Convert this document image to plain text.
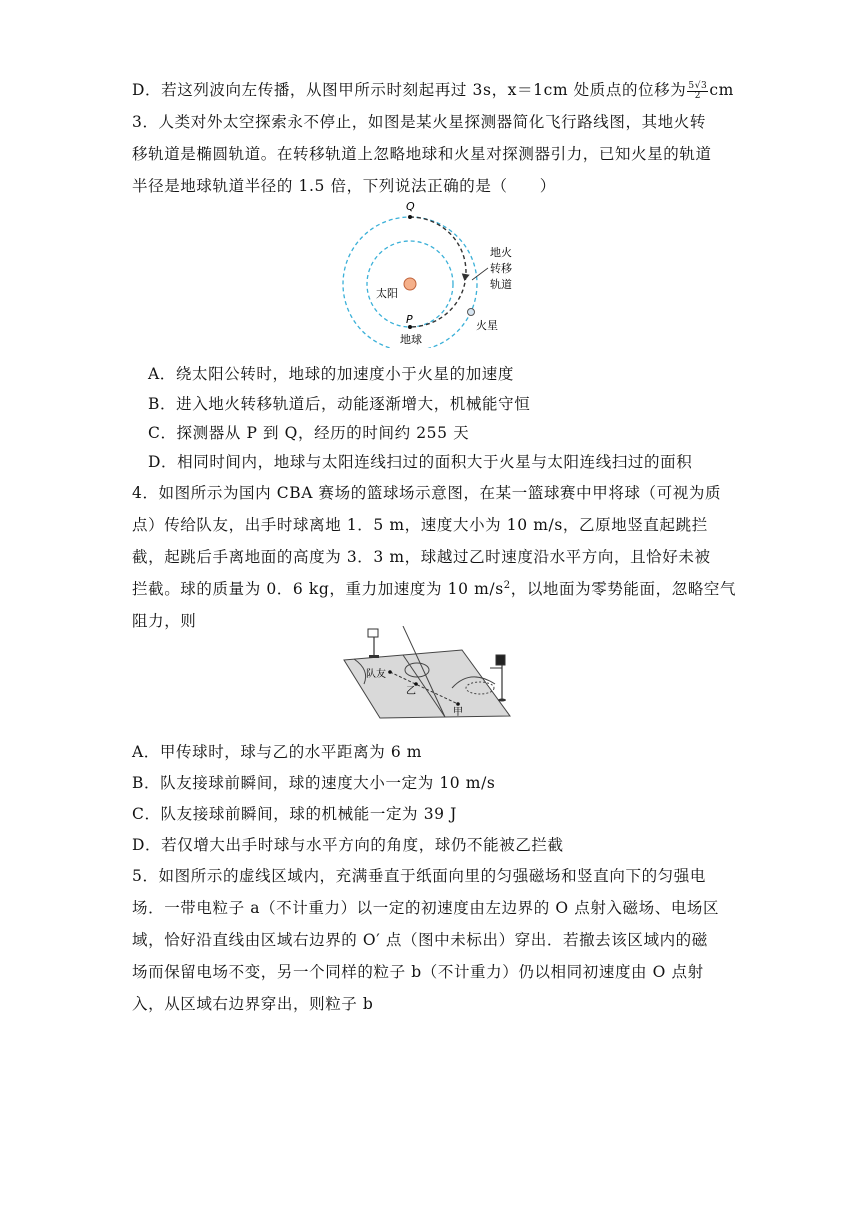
D．若这列波向左传播，从图甲所示时刻起再过 3s，x＝1cm 处质点的位移为 $\frac{5√3}{2}$ cm
3．人类对外太空探索永不停止，如图是某火星探测器简化飞行路线图，其地火转
移轨道是椭圆轨道。在转移轨道上忽略地球和火星对探测器引力，已知火星的轨道
半径是地球轨道半径的 1.5 倍，下列说法正确的是（　　）
Q
P
太阳
地球
火星
地火
转移
轨道
A．绕太阳公转时，地球的加速度小于火星的加速度
B．进入地火转移轨道后，动能逐渐增大，机械能守恒
C．探测器从 P 到 Q，经历的时间约 255 天
D．相同时间内，地球与太阳连线扫过的面积大于火星与太阳连线扫过的面积
4．如图所示为国内 CBA 赛场的篮球场示意图，在某一篮球赛中甲将球（可视为质
点）传给队友，出手时球离地 1．5 m，速度大小为 10 m/s，乙原地竖直起跳拦
截，起跳后手离地面的高度为 3．3 m，球越过乙时速度沿水平方向，且恰好未被
拦截。球的质量为 0．6 kg，重力加速度为 10 $m/s^2$，以地面为零势能面，忽略空气
阻力，则
队友
乙
甲
A．甲传球时，球与乙的水平距离为 6 m
B．队友接球前瞬间，球的速度大小一定为 10 m/s
C．队友接球前瞬间，球的机械能一定为 39 J
D．若仅增大出手时球与水平方向的角度，球仍不能被乙拦截
5．如图所示的虚线区域内，充满垂直于纸面向里的匀强磁场和竖直向下的匀强电
场．一带电粒子 a（不计重力）以一定的初速度由左边界的 O 点射入磁场、电场区
域，恰好沿直线由区域右边界的 O′ 点（图中未标出）穿出．若撤去该区域内的磁
场而保留电场不变，另一个同样的粒子 b（不计重力）仍以相同初速度由 O 点射
入，从区域右边界穿出，则粒子 b
